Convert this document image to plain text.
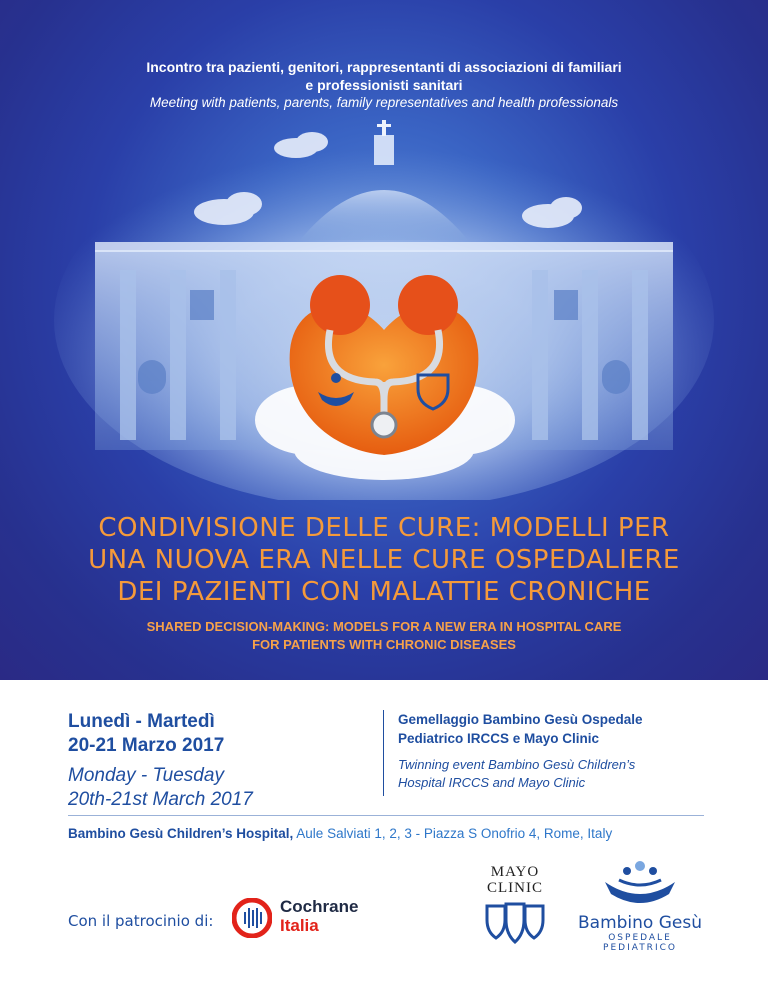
Incontro tra pazienti, genitori, rappresentanti di associazioni di familiari
e professionisti sanitari
Meeting with patients, parents, family representatives and health professionals
CONDIVISIONE DELLE CURE: MODELLI PER
UNA NUOVA ERA NELLE CURE OSPEDALIERE
DEI PAZIENTI CON MALATTIE CRONICHE
SHARED DECISION-MAKING: MODELS FOR A NEW ERA IN HOSPITAL CARE
FOR PATIENTS WITH CHRONIC DISEASES
Lunedì - Martedì
20-21 Marzo 2017
Monday - Tuesday
20th-21st March 2017
Gemellaggio Bambino Gesù Ospedale
Pediatrico IRCCS e Mayo Clinic
Twinning event Bambino Gesù Children’s
Hospital IRCCS and Mayo Clinic
Bambino Gesù Children’s Hospital, Aule Salviati 1, 2, 3 - Piazza S Onofrio 4, Rome, Italy
Con il patrocinio di:
Cochrane
Italia
MAYO
CLINIC
Bambino Gesù
OSPEDALE PEDIATRICO
